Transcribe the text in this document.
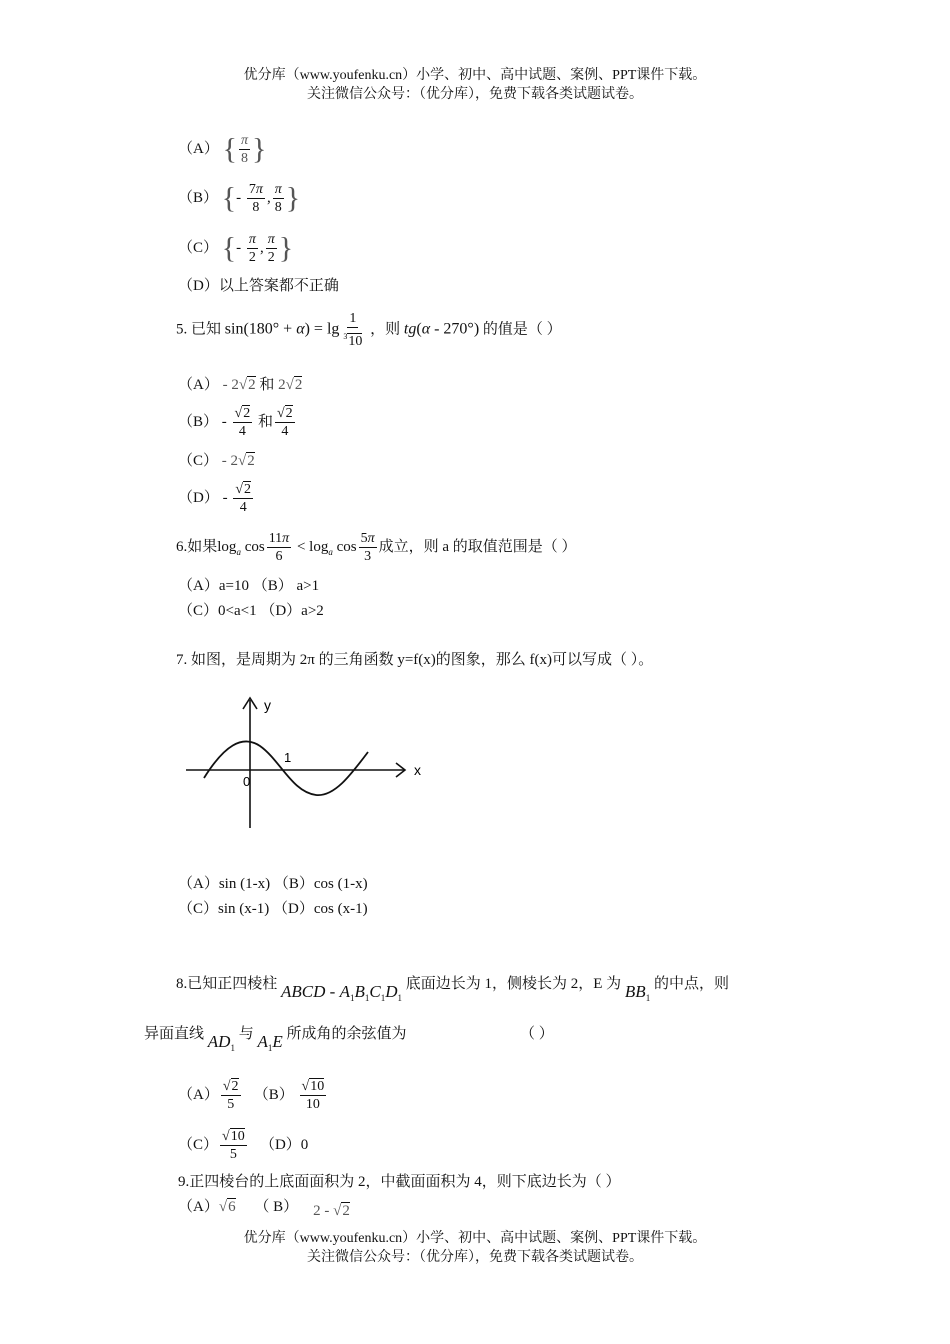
优分库（www.youfenku.cn）小学、初中、高中试题、案例、PPT课件下载。
关注微信公众号：（优分库），免费下载各类试题试卷。
（A） { $\frac{\pi}{8}$ }
（B） {- $\frac{7\pi}{8}$ , $\frac{\pi}{8}$ }
（C） {- $\frac{\pi}{2}$ , $\frac{\pi}{2}$ }
（D）以上答案都不正确
5. 已知 $\sin(180^\circ + \alpha) = \lg \frac{1}{^310}$ ，则 tg(α - 270°) 的值是（ ）
（A） - 2√2 和 2√2
$(B) - \frac{√2}{4}$ 和 $\frac{√2}{4}$
（C） - 2√2
$(D) - \frac{√2}{4}$
6.如果$\log_a \cos \frac{11\pi}{6} < \log_a \cos \frac{5\pi}{3}$ 成立，则 a 的取值范围是（ ）
（A）a=10 （B） a>1
（C）0<a<1 （D）a>2
7. 如图，是周期为 2π 的三角函数 y=f(x)的图象，那么 f(x)可以写成（ ）。
y
x
1
0
（A）sin (1-x) （B）cos (1-x)
（C）sin (x-1) （D）cos (x-1)
8.已知正四棱柱 ABCD - $A_1B_1C_1D_1$ 底面边长为 1，侧棱长为 2，E 为 $BB_1$ 的中点，则
异面直线 $AD_1$ 与 $A_1E$ 所成角的余弦值为	（ ）
$(A) \frac{√2}{5} (B) \frac{√10}{10}$
$(C) \frac{√10}{5} (D)0$
9.正四棱台的上底面面积为 2，中截面面积为 4，则下底边长为（ ）
（A）√6 （ B） 2 - √2
优分库（www.youfenku.cn）小学、初中、高中试题、案例、PPT课件下载。
关注微信公众号：（优分库），免费下载各类试题试卷。
